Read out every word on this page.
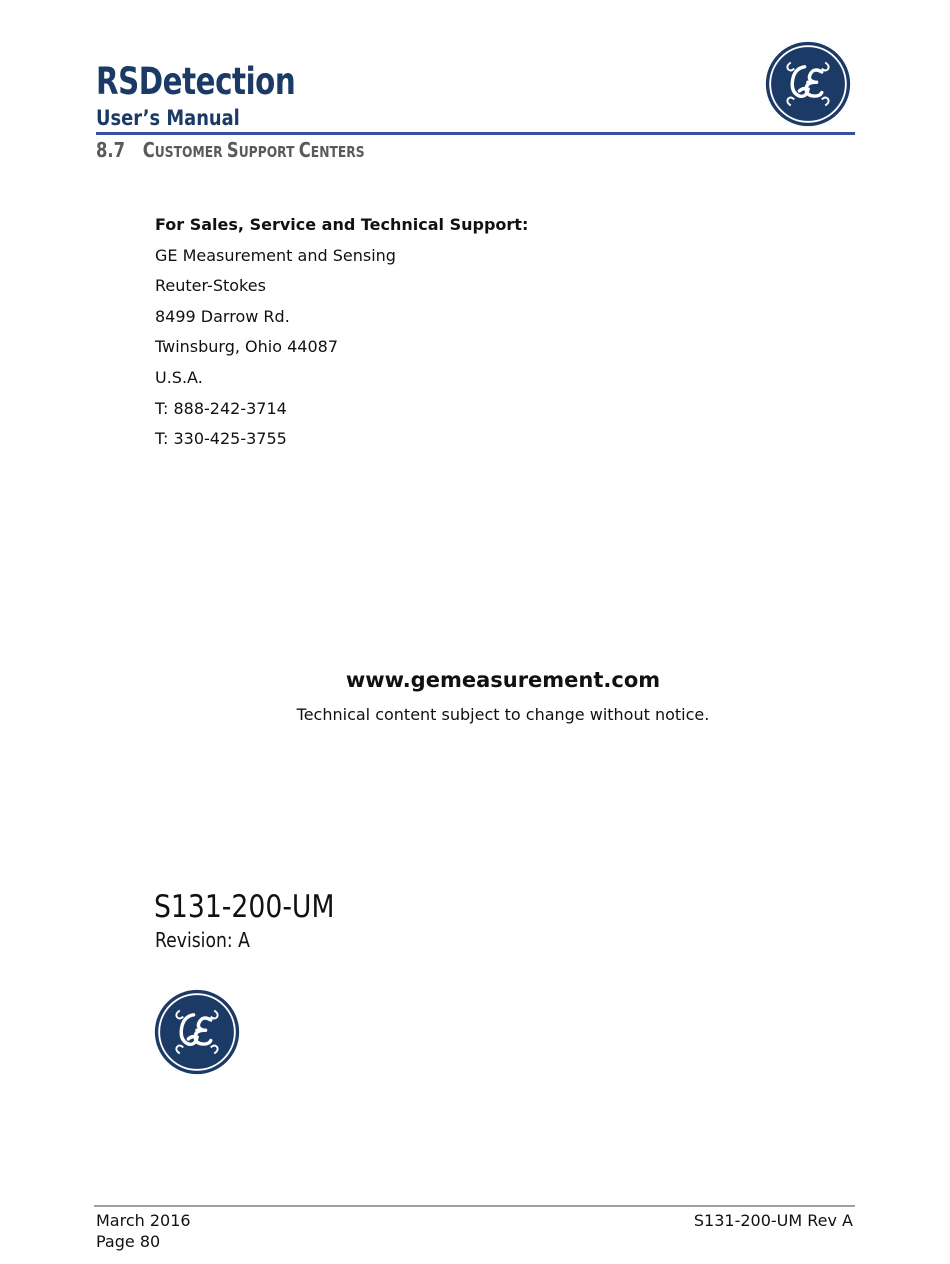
RSDetection
User’s Manual
8.7 CUSTOMER SUPPORT CENTERS
For Sales, Service and Technical Support:
GE Measurement and Sensing
Reuter-Stokes
8499 Darrow Rd.
Twinsburg, Ohio 44087
U.S.A.
T: 888-242-3714
T: 330-425-3755
www.gemeasurement.com
Technical content subject to change without notice.
S131-200-UM
Revision: A
March 2016
Page 80
S131-200-UM Rev A
